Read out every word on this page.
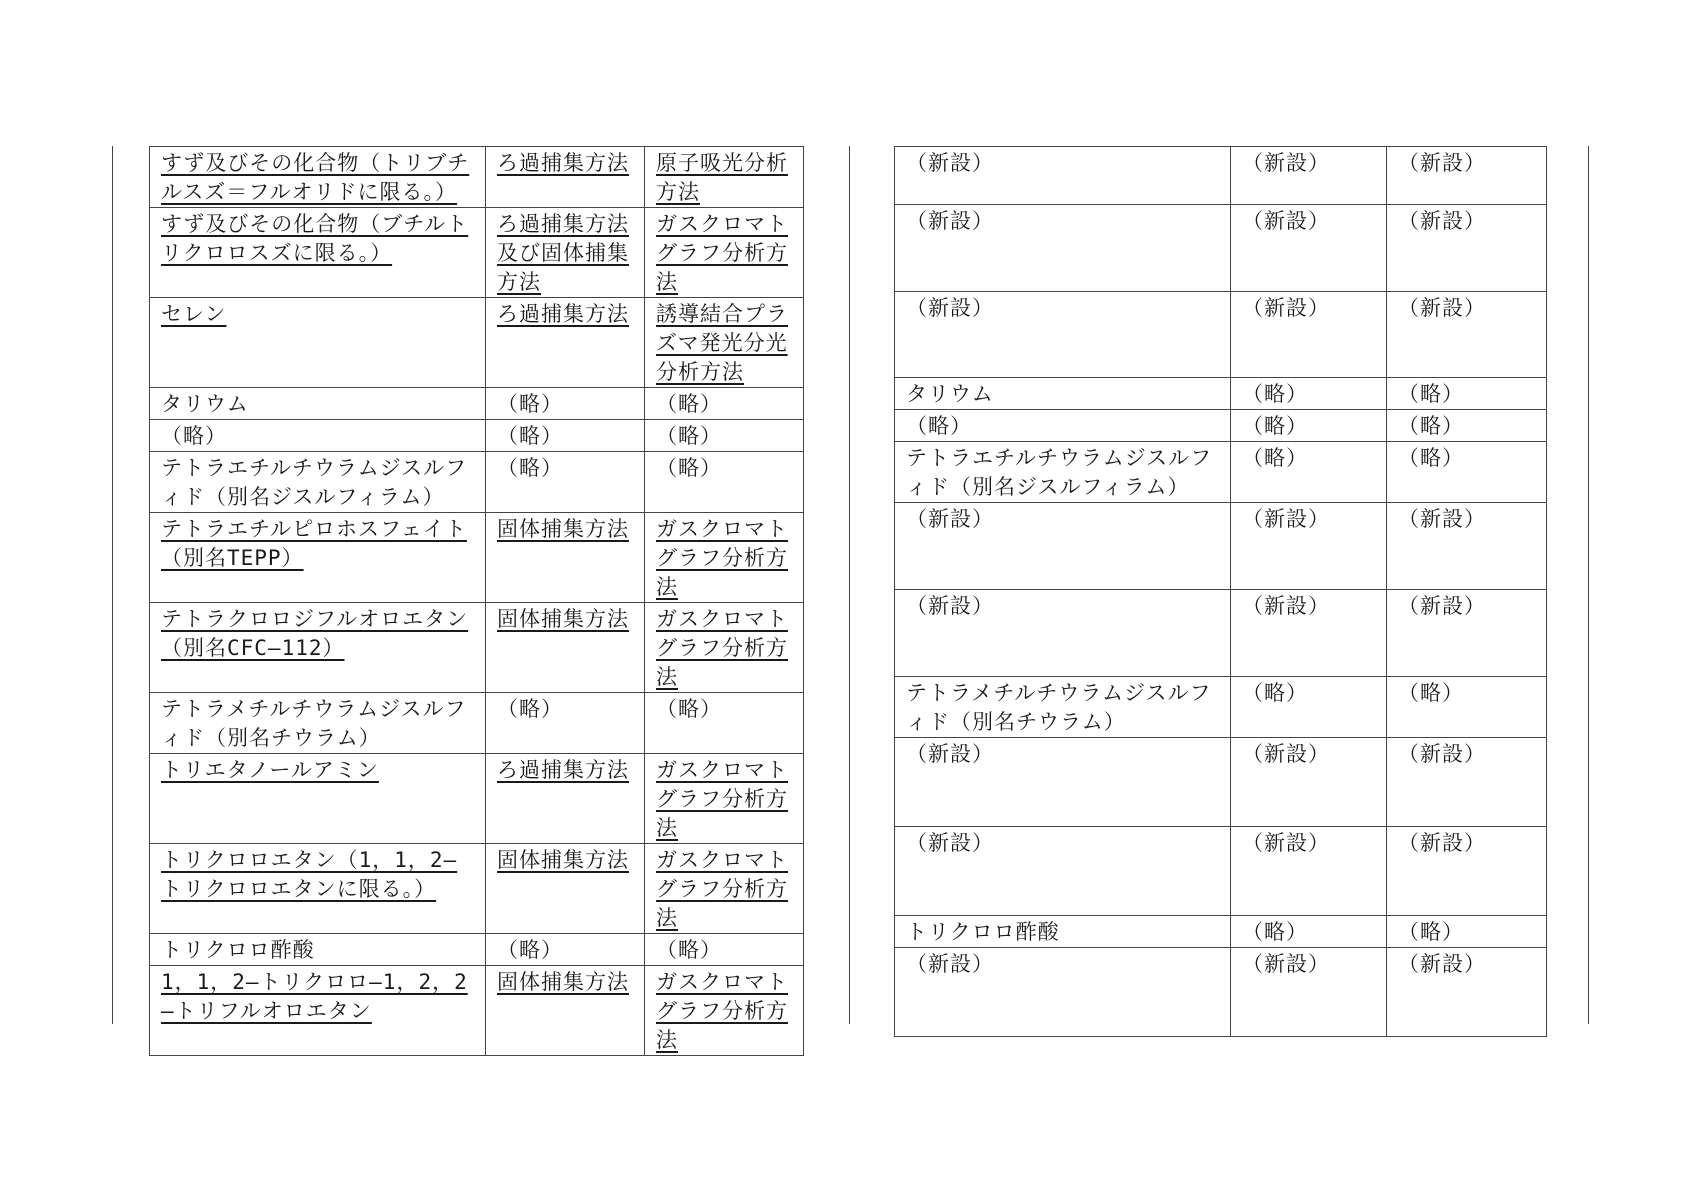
すず及びその化合物（トリブチルスズ＝フルオリドに限る。）	ろ過捕集方法	原子吸光分析方法
すず及びその化合物（ブチルトリクロロスズに限る。）	ろ過捕集方法及び固体捕集方法	ガスクロマトグラフ分析方法
セレン	ろ過捕集方法	誘導結合プラズマ発光分光分析方法
タリウム	（略）	（略）
（略）	（略）	（略）
テトラエチルチウラムジスルフィド（別名ジスルフィラム）	（略）	（略）
テトラエチルピロホスフェイト（別名TEPP）	固体捕集方法	ガスクロマトグラフ分析方法
テトラクロロジフルオロエタン（別名CFC―112）	固体捕集方法	ガスクロマトグラフ分析方法
テトラメチルチウラムジスルフィド（別名チウラム）	（略）	（略）
トリエタノールアミン	ろ過捕集方法	ガスクロマトグラフ分析方法
トリクロロエタン（1，1，2―トリクロロエタンに限る。）	固体捕集方法	ガスクロマトグラフ分析方法
トリクロロ酢酸	（略）	（略）
1，1，2―トリクロロ―1，2，2―トリフルオロエタン	固体捕集方法	ガスクロマトグラフ分析方法
（新設）	（新設）	（新設）
（新設）	（新設）	（新設）
（新設）	（新設）	（新設）
タリウム	（略）	（略）
（略）	（略）	（略）
テトラエチルチウラムジスルフィド（別名ジスルフィラム）	（略）	（略）
（新設）	（新設）	（新設）
（新設）	（新設）	（新設）
テトラメチルチウラムジスルフィド（別名チウラム）	（略）	（略）
（新設）	（新設）	（新設）
（新設）	（新設）	（新設）
トリクロロ酢酸	（略）	（略）
（新設）	（新設）	（新設）
